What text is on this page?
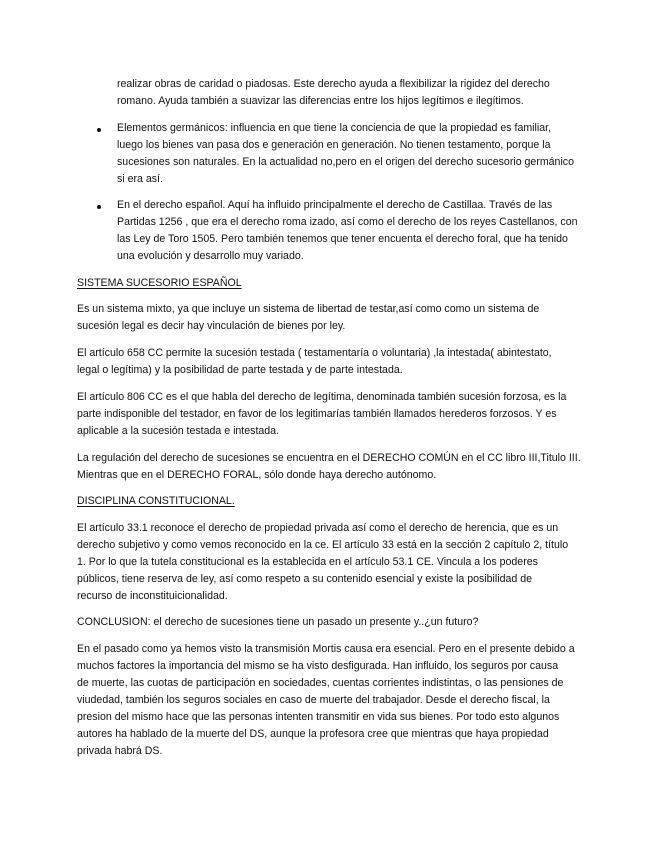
realizar obras de caridad o piadosas. Este derecho ayuda a flexibilizar la rigidez del derecho
romano. Ayuda también a suavizar las diferencias entre los hijos legítimos e ilegítimos.
Elementos germánicos: influencia en que tiene la conciencia de que la propiedad es familiar,
luego los bienes van pasa dos e generación en generación. No tienen testamento, porque la
sucesiones son naturales. En la actualidad no,pero en el origen del derecho sucesorio germánico
si era así.
En el derecho español. Aquí ha influido principalmente el derecho de Castillaa. Través de las
Partidas 1256 , que era el derecho roma izado, así como el derecho de los reyes Castellanos, con
las Ley de Toro 1505. Pero también tenemos que tener encuenta el derecho foral, que ha tenido
una evolución y desarrollo muy variado.
SISTEMA SUCESORIO ESPAÑOL
Es un sistema mixto, ya que incluye un sistema de libertad de testar,así como como un sistema de
sucesión legal es decir hay vinculación de bienes por ley.
El artículo 658 CC permite la sucesión testada ( testamentaría o voluntaria) ,la intestada( abintestato,
legal o legítima) y la posibilidad de parte testada y de parte intestada.
El artículo 806 CC es el que habla del derecho de legítima, denominada también sucesión forzosa, es la
parte indisponible del testador, en favor de los legitimarías también llamados herederos forzosos. Y es
aplicable a la sucesión testada e intestada.
La regulación del derecho de sucesiones se encuentra en el DERECHO COMÚN en el CC libro III,Titulo III.
Mientras que en el DERECHO FORAL, sólo donde haya derecho autónomo.
DISCIPLINA CONSTITUCIONAL.
El artículo 33.1 reconoce el derecho de propiedad privada así como el derecho de herencia, que es un
derecho subjetivo y como vemos reconocido en la ce. El artículo 33 está en la sección 2 capítulo 2, título
1. Por lo que la tutela constitucional es la establecida en el artículo 53.1 CE. Vincula a los poderes
públicos, tiene reserva de ley, así como respeto a su contenido esencial y existe la posibilidad de
recurso de inconstituicionalidad.
CONCLUSION: el derecho de sucesiones tiene un pasado un presente y..¿un futuro?
En el pasado como ya hemos visto la transmisión Mortis causa era esencial. Pero en el presente debido a
muchos factores la importancia del mismo se ha visto desfigurada. Han influido, los seguros por causa
de muerte, las cuotas de participación en sociedades, cuentas corrientes indistintas, o las pensiones de
viudedad, también los seguros sociales en caso de muerte del trabajador. Desde el derecho fiscal, la
presion del mismo hace que las personas intenten transmitir en vida sus bienes. Por todo esto algunos
autores ha hablado de la muerte del DS, aunque la profesora cree que mientras que haya propiedad
privada habrá DS.
